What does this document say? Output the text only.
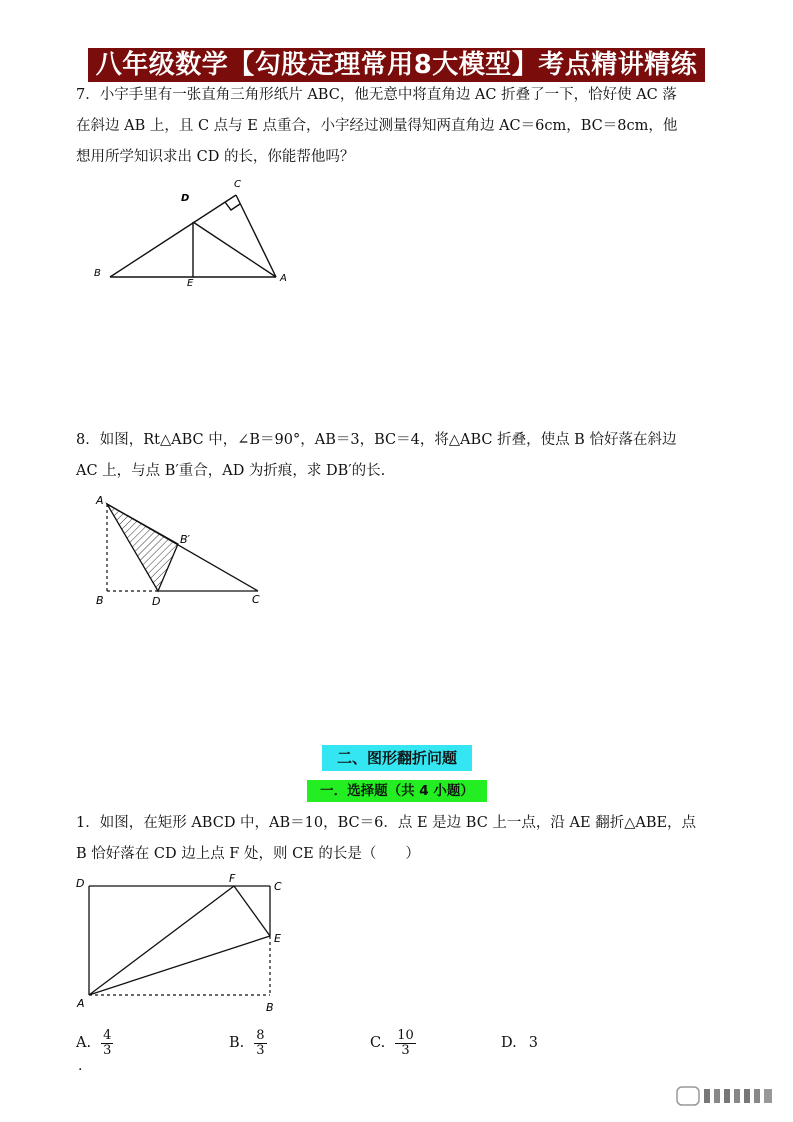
八年级数学【勾股定理常用8大模型】考点精讲精练
7．小宇手里有一张直角三角形纸片 ABC，他无意中将直角边 AC 折叠了一下，恰好使 AC 落
在斜边 AB 上，且 C 点与 E 点重合，小宇经过测量得知两直角边 AC＝6cm，BC＝8cm，他
想用所学知识求出 CD 的长，你能帮他吗？
B
E	A
D
C
8．如图，Rt△ABC 中，∠B＝90°，AB＝3，BC＝4，将△ABC 折叠，使点 B 恰好落在斜边
AC 上，与点 B′重合，AD 为折痕，求 DB′的长.
A
B′
B	D	C
二、图形翻折问题
一．选择题（共 4 小题）
1．如图，在矩形 ABCD 中，AB＝10，BC＝6．点 E 是边 BC 上一点，沿 AE 翻折△ABE，点
B 恰好落在 CD 边上点 F 处，则 CE 的长是（　　）
D	F
C
E
A	B
A. $\frac{4}{3}$	B. $\frac{8}{3}$	C. $\frac{10}{3}$	D. 3
.
